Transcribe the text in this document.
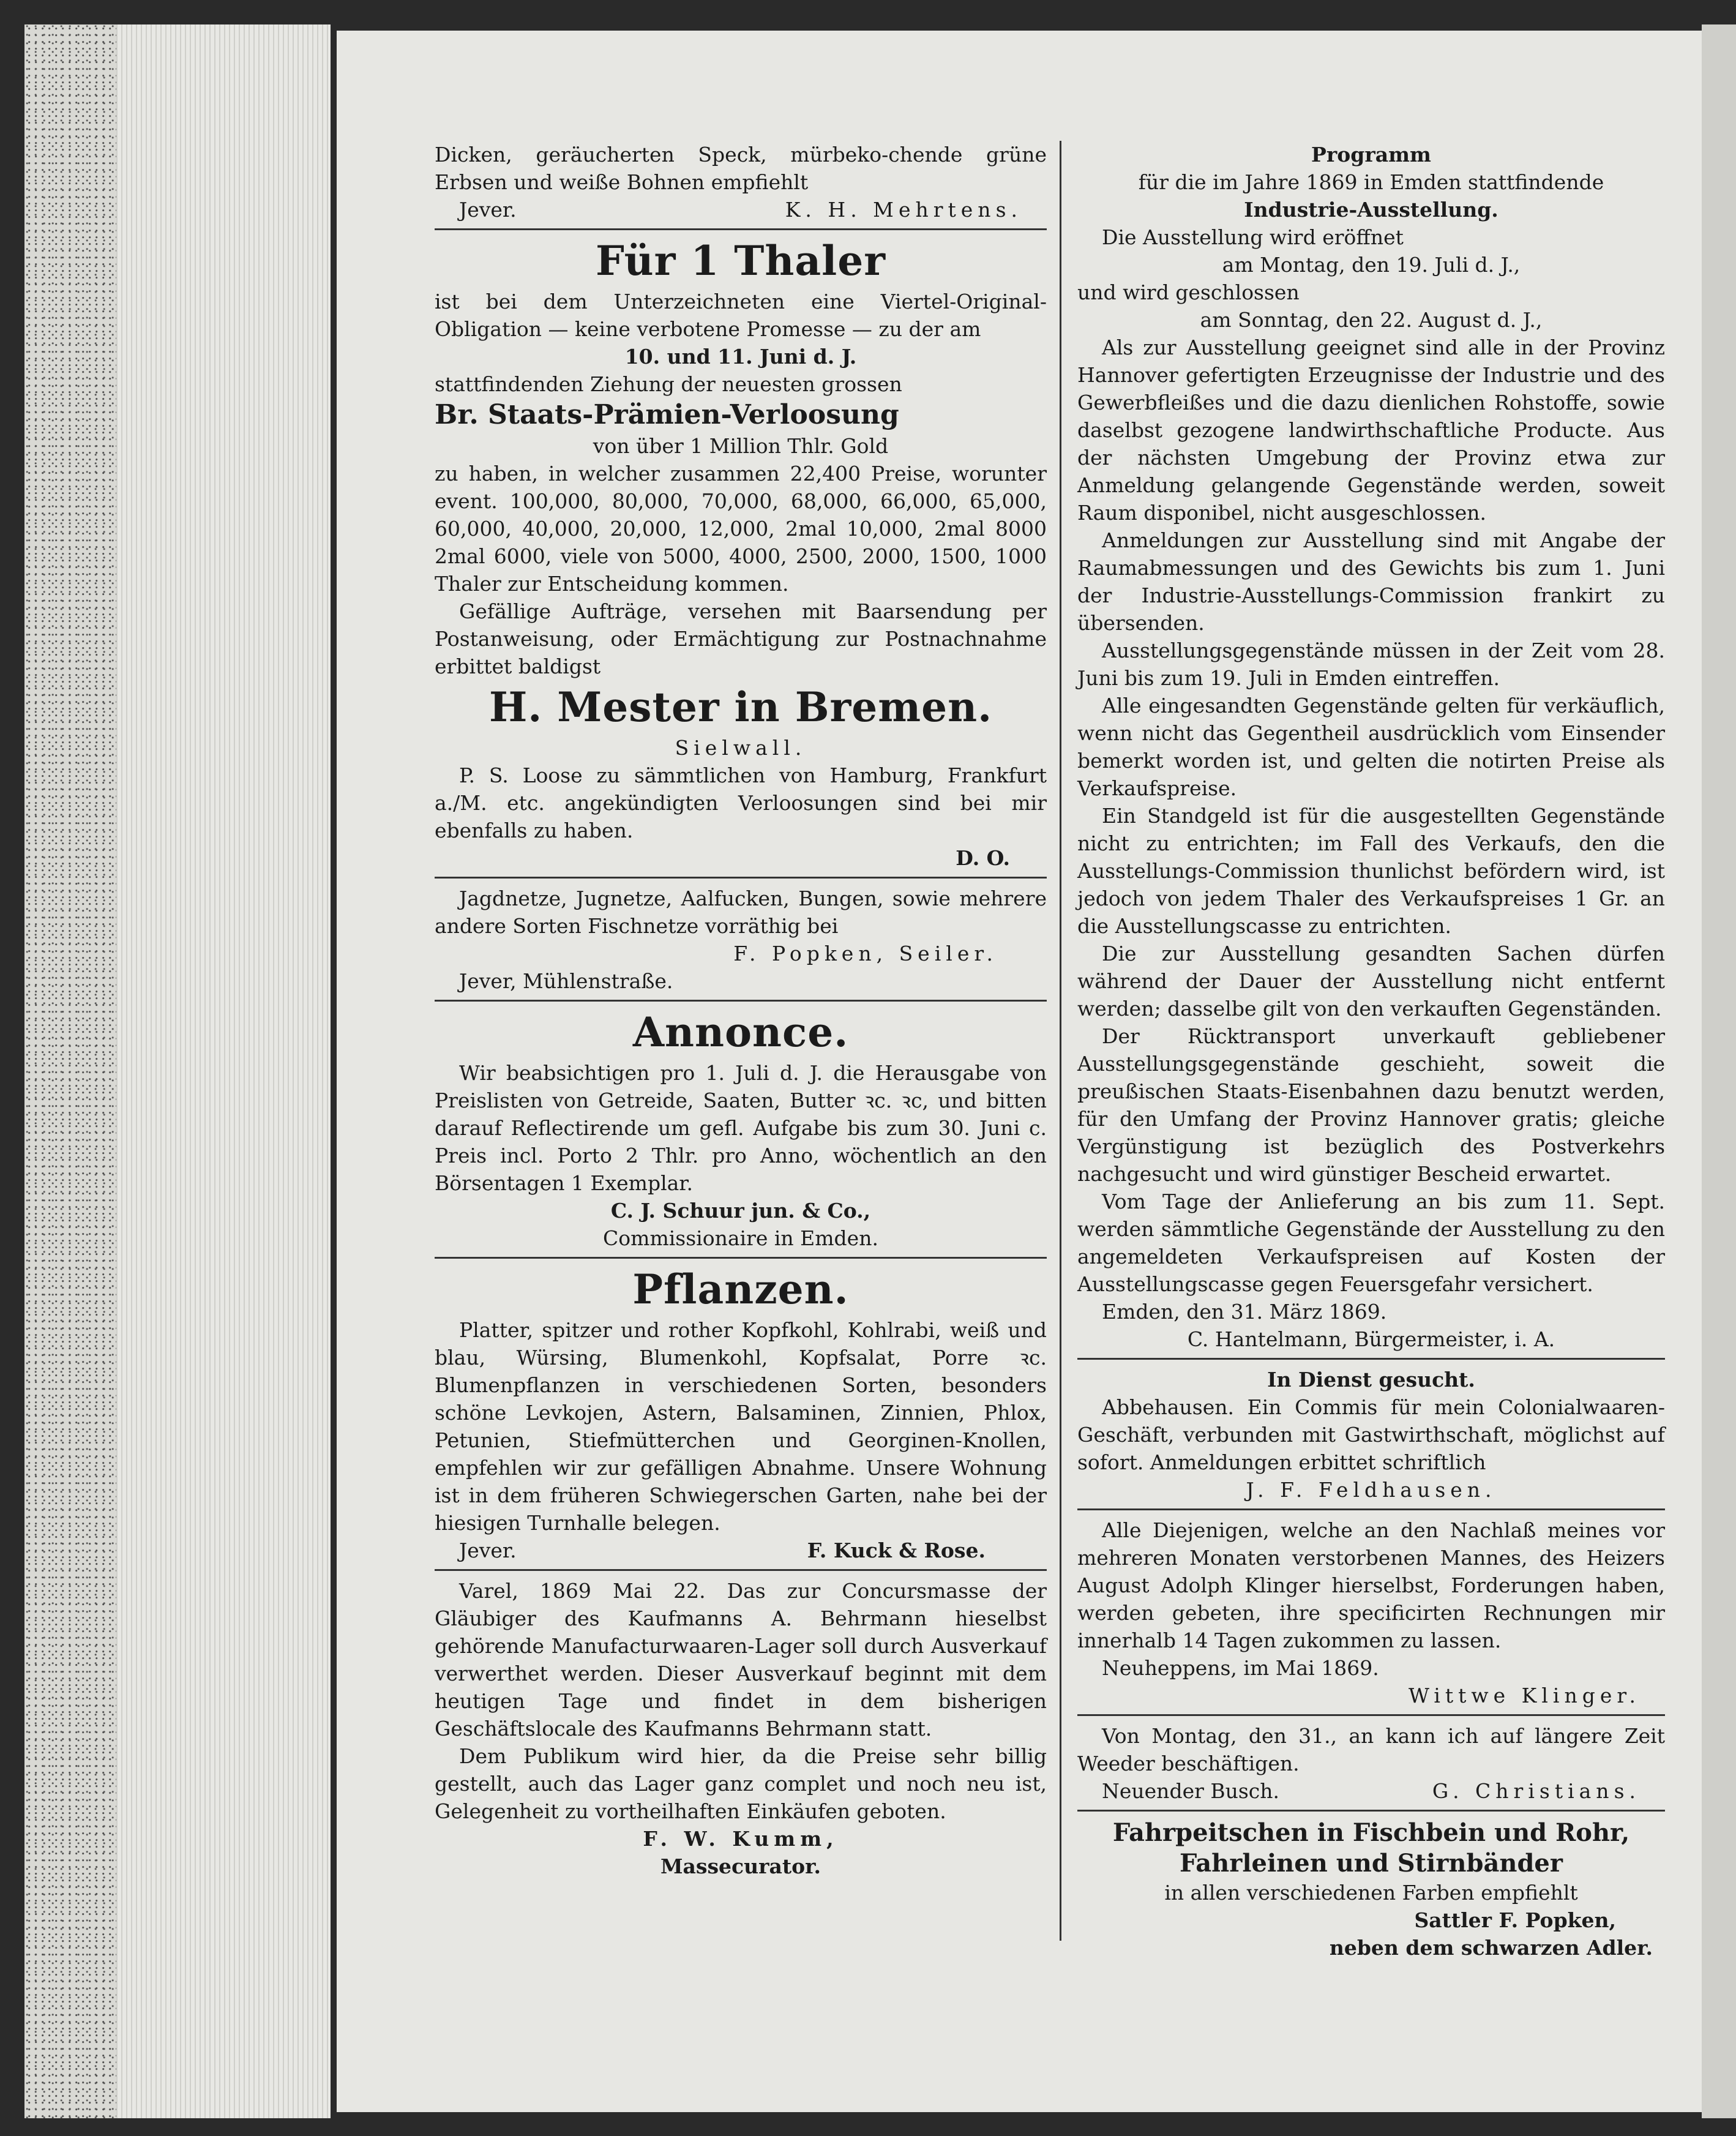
Dicken, geräucherten Speck, mürbeko-chende grüne Erbsen und weiße Bohnen empfiehlt

Jever.	K. H. Mehrtens.
Für 1 Thaler

ist bei dem Unterzeichneten eine Viertel-Original-Obligation — keine verbotene Promesse — zu der am

10. und 11. Juni d. J.

stattfindenden Ziehung der neuesten grossen

Br. Staats-Prämien-Verloosung

von über 1 Million Thlr. Gold

zu haben, in welcher zusammen 22,400 Preise, worunter event. 100,000, 80,000, 70,000, 68,000, 66,000, 65,000, 60,000, 40,000, 20,000, 12,000, 2mal 10,000, 2mal 8000 2mal 6000, viele von 5000, 4000, 2500, 2000, 1500, 1000 Thaler zur Entscheidung kommen.

Gefällige Aufträge, versehen mit Baarsendung per Postanweisung, oder Ermächtigung zur Postnachnahme erbittet baldigst

H. Mester in Bremen.

Sielwall.

P. S. Loose zu sämmtlichen von Hamburg, Frankfurt a./M. etc. angekündigten Verloosungen sind bei mir ebenfalls zu haben.

D. O.

Jagdnetze, Jugnetze, Aalfucken, Bungen, sowie mehrere andere Sorten Fischnetze vorräthig bei

F. Popken, Seiler.

Jever, Mühlenstraße.

Annonce.

Wir beabsichtigen pro 1. Juli d. J. die Herausgabe von Preislisten von Getreide, Saaten, Butter ꝛc. ꝛc, und bitten darauf Reflectirende um gefl. Aufgabe bis zum 30. Juni c. Preis incl. Porto 2 Thlr. pro Anno, wöchentlich an den Börsentagen 1 Exemplar.

C. J. Schuur jun. & Co.,

Commissionaire in Emden.

Pflanzen.

Platter, spitzer und rother Kopfkohl, Kohlrabi, weiß und blau, Würsing, Blumenkohl, Kopfsalat, Porre ꝛc. Blumenpflanzen in verschiedenen Sorten, besonders schöne Levkojen, Astern, Balsaminen, Zinnien, Phlox, Petunien, Stiefmütterchen und Georginen-Knollen, empfehlen wir zur gefälligen Abnahme. Unsere Wohnung ist in dem früheren Schwiegerschen Garten, nahe bei der hiesigen Turnhalle belegen.

Jever.	F. Kuck & Rose.

Varel, 1869 Mai 22. Das zur Concursmasse der Gläubiger des Kaufmanns A. Behrmann hieselbst gehörende Manufacturwaaren-Lager soll durch Ausverkauf verwerthet werden. Dieser Ausverkauf beginnt mit dem heutigen Tage und findet in dem bisherigen Geschäftslocale des Kaufmanns Behrmann statt.

Dem Publikum wird hier, da die Preise sehr billig gestellt, auch das Lager ganz complet und noch neu ist, Gelegenheit zu vortheilhaften Einkäufen geboten.

F. W. Kumm,

Massecurator.

Programm

für die im Jahre 1869 in Emden stattfindende

Industrie-Ausstellung.

Die Ausstellung wird eröffnet

am Montag, den 19. Juli d. J.,

und wird geschlossen

am Sonntag, den 22. August d. J.,

Als zur Ausstellung geeignet sind alle in der Provinz Hannover gefertigten Erzeugnisse der Industrie und des Gewerbfleißes und die dazu dienlichen Rohstoffe, sowie daselbst gezogene landwirthschaftliche Producte. Aus der nächsten Umgebung der Provinz etwa zur Anmeldung gelangende Gegenstände werden, soweit Raum disponibel, nicht ausgeschlossen.

Anmeldungen zur Ausstellung sind mit Angabe der Raumabmessungen und des Gewichts bis zum 1. Juni der Industrie-Ausstellungs-Commission frankirt zu übersenden.

Ausstellungsgegenstände müssen in der Zeit vom 28. Juni bis zum 19. Juli in Emden eintreffen.

Alle eingesandten Gegenstände gelten für verkäuflich, wenn nicht das Gegentheil ausdrücklich vom Einsender bemerkt worden ist, und gelten die notirten Preise als Verkaufspreise.

Ein Standgeld ist für die ausgestellten Gegenstände nicht zu entrichten; im Fall des Verkaufs, den die Ausstellungs-Commission thunlichst befördern wird, ist jedoch von jedem Thaler des Verkaufspreises 1 Gr. an die Ausstellungscasse zu entrichten.

Die zur Ausstellung gesandten Sachen dürfen während der Dauer der Ausstellung nicht entfernt werden; dasselbe gilt von den verkauften Gegenständen.

Der Rücktransport unverkauft gebliebener Ausstellungsgegenstände geschieht, soweit die preußischen Staats-Eisenbahnen dazu benutzt werden, für den Umfang der Provinz Hannover gratis; gleiche Vergünstigung ist bezüglich des Postverkehrs nachgesucht und wird günstiger Bescheid erwartet.

Vom Tage der Anlieferung an bis zum 11. Sept. werden sämmtliche Gegenstände der Ausstellung zu den angemeldeten Verkaufspreisen auf Kosten der Ausstellungscasse gegen Feuersgefahr versichert.

Emden, den 31. März 1869.

C. Hantelmann, Bürgermeister, i. A.

In Dienst gesucht.

Abbehausen. Ein Commis für mein Colonialwaaren-Geschäft, verbunden mit Gastwirthschaft, möglichst auf sofort. Anmeldungen erbittet schriftlich

J. F. Feldhausen.

Alle Diejenigen, welche an den Nachlaß meines vor mehreren Monaten verstorbenen Mannes, des Heizers August Adolph Klinger hierselbst, Forderungen haben, werden gebeten, ihre specificirten Rechnungen mir innerhalb 14 Tagen zukommen zu lassen.

Neuheppens, im Mai 1869.

Wittwe Klinger.

Von Montag, den 31., an kann ich auf längere Zeit Weeder beschäftigen.

Neuender Busch.	G. Christians.

Fahrpeitschen in Fischbein und Rohr, Fahrleinen und Stirnbänder

in allen verschiedenen Farben empfiehlt

Sattler F. Popken,

neben dem schwarzen Adler.
